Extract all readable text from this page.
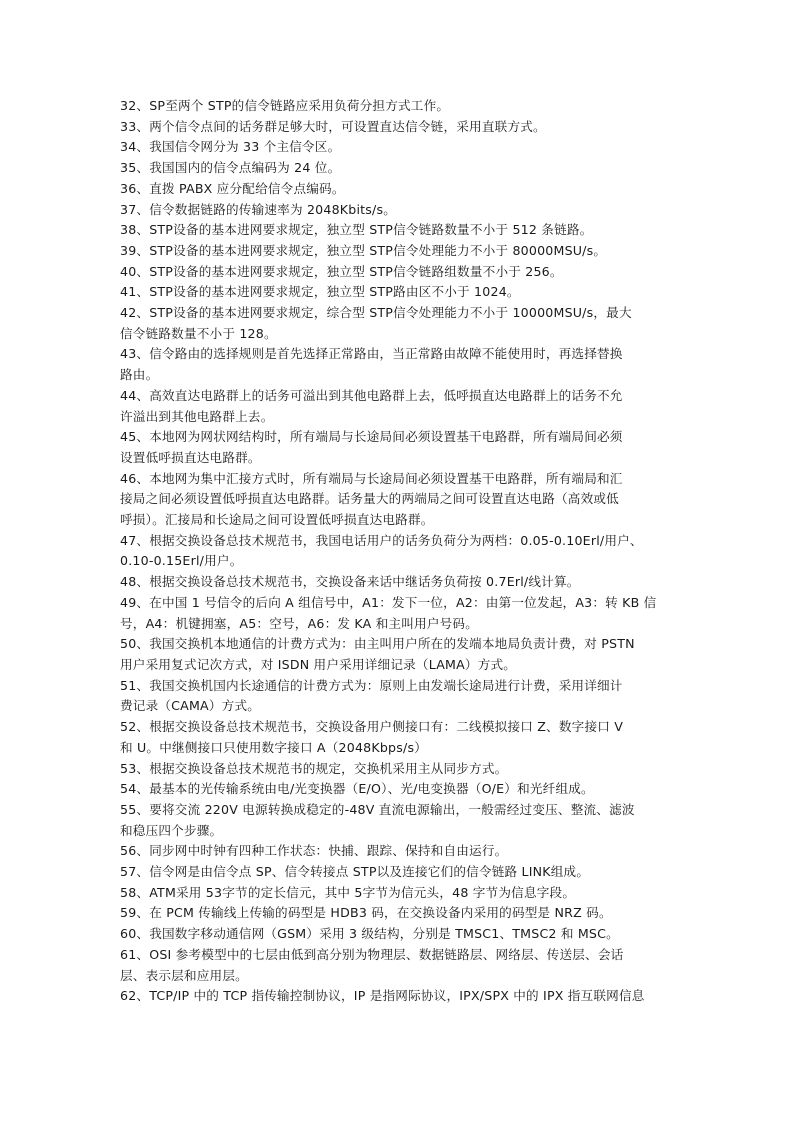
32、SP至两个 STP的信令链路应采用负荷分担方式工作。
33、两个信令点间的话务群足够大时，可设置直达信令链，采用直联方式。
34、我国信令网分为 33 个主信令区。
35、我国国内的信令点编码为 24 位。
36、直拨 PABX 应分配给信令点编码。
37、信令数据链路的传输速率为 2048Kbits/s。
38、STP设备的基本进网要求规定，独立型 STP信令链路数量不小于 512 条链路。
39、STP设备的基本进网要求规定，独立型 STP信令处理能力不小于 80000MSU/s。
40、STP设备的基本进网要求规定，独立型 STP信令链路组数量不小于 256。
41、STP设备的基本进网要求规定，独立型 STP路由区不小于 1024。
42、STP设备的基本进网要求规定，综合型 STP信令处理能力不小于 10000MSU/s，最大
信令链路数量不小于 128。
43、信令路由的选择规则是首先选择正常路由，当正常路由故障不能使用时，再选择替换
路由。
44、高效直达电路群上的话务可溢出到其他电路群上去，低呼损直达电路群上的话务不允
许溢出到其他电路群上去。
45、本地网为网状网结构时，所有端局与长途局间必须设置基干电路群，所有端局间必须
设置低呼损直达电路群。
46、本地网为集中汇接方式时，所有端局与长途局间必须设置基干电路群，所有端局和汇
接局之间必须设置低呼损直达电路群。话务量大的两端局之间可设置直达电路（高效或低
呼损）。汇接局和长途局之间可设置低呼损直达电路群。
47、根据交换设备总技术规范书，我国电话用户的话务负荷分为两档：0.05-0.10Erl/用户、
0.10-0.15Erl/用户。
48、根据交换设备总技术规范书，交换设备来话中继话务负荷按 0.7Erl/线计算。
49、在中国 1 号信令的后向 A 组信号中，A1：发下一位，A2：由第一位发起，A3：转 KB 信
号，A4：机键拥塞，A5：空号，A6：发 KA 和主叫用户号码。
50、我国交换机本地通信的计费方式为：由主叫用户所在的发端本地局负责计费，对 PSTN
用户采用复式记次方式，对 ISDN 用户采用详细记录（LAMA）方式。
51、我国交换机国内长途通信的计费方式为：原则上由发端长途局进行计费，采用详细计
费记录（CAMA）方式。
52、根据交换设备总技术规范书，交换设备用户侧接口有：二线模拟接口 Z、数字接口 V
和 U。中继侧接口只使用数字接口 A（2048Kbps/s）
53、根据交换设备总技术规范书的规定，交换机采用主从同步方式。
54、最基本的光传输系统由电/光变换器（E/O）、光/电变换器（O/E）和光纤组成。
55、要将交流 220V 电源转换成稳定的-48V 直流电源输出，一般需经过变压、整流、滤波
和稳压四个步骤。
56、同步网中时钟有四种工作状态：快捕、跟踪、保持和自由运行。
57、信令网是由信令点 SP、信令转接点 STP以及连接它们的信令链路 LINK组成。
58、ATM采用 53字节的定长信元，其中 5字节为信元头，48 字节为信息字段。
59、在 PCM 传输线上传输的码型是 HDB3 码，在交换设备内采用的码型是 NRZ 码。
60、我国数字移动通信网（GSM）采用 3 级结构，分别是 TMSC1、TMSC2 和 MSC。
61、OSI 参考模型中的七层由低到高分别为物理层、数据链路层、网络层、传送层、会话
层、表示层和应用层。
62、TCP/IP 中的 TCP 指传输控制协议，IP 是指网际协议，IPX/SPX 中的 IPX 指互联网信息
